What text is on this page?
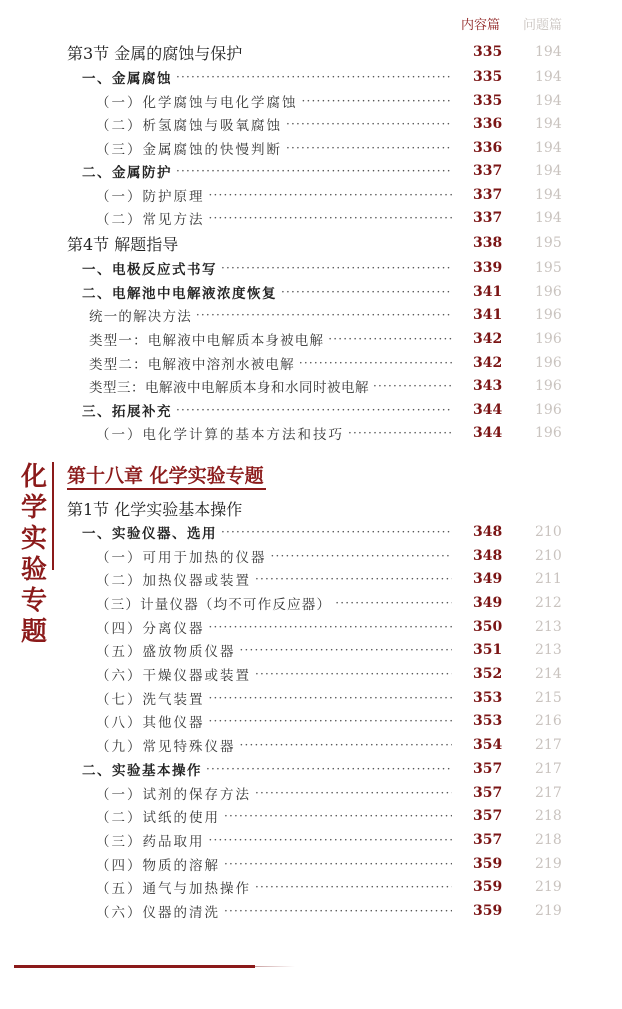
内容篇 问题篇
第3节 金属的腐蚀与保护	335 194
一、金属腐蚀 ·····	335 194
（一）化学腐蚀与电化学腐蚀 ·····	335 194
（二）析氢腐蚀与吸氧腐蚀 ·····	336 194
（三）金属腐蚀的快慢判断 ·····	336 194
二、金属防护 ·····	337 194
（一）防护原理 ·····	337 194
（二）常见方法 ·····	337 194
第4节 解题指导	338 195
一、电极反应式书写 ·····	339 195
二、电解池中电解液浓度恢复 ·····	341 196
统一的解决方法 ·····	341 196
类型一：电解液中电解质本身被电解 ·····	342 196
类型二：电解液中溶剂水被电解 ·····	342 196
类型三：电解液中电解质本身和水同时被电解 ·····	343 196
三、拓展补充 ·····	344 196
（一）电化学计算的基本方法和技巧 ·····	344 196
化
学
实
验
专
题
第十八章 化学实验专题
第1节 化学实验基本操作
一、实验仪器、选用 ·····	348 210
（一）可用于加热的仪器 ·····	348 210
（二）加热仪器或装置 ·····	349 211
（三）计量仪器（均不可作反应器） ·····	349 212
（四）分离仪器 ·····	350 213
（五）盛放物质仪器 ·····	351 213
（六）干燥仪器或装置 ·····	352 214
（七）洗气装置 ·····	353 215
（八）其他仪器 ·····	353 216
（九）常见特殊仪器 ·····	354 217
二、实验基本操作 ·····	357 217
（一）试剂的保存方法 ·····	357 217
（二）试纸的使用 ·····	357 218
（三）药品取用 ·····	357 218
（四）物质的溶解 ·····	359 219
（五）通气与加热操作 ·····	359 219
（六）仪器的清洗 ·····	359 219
